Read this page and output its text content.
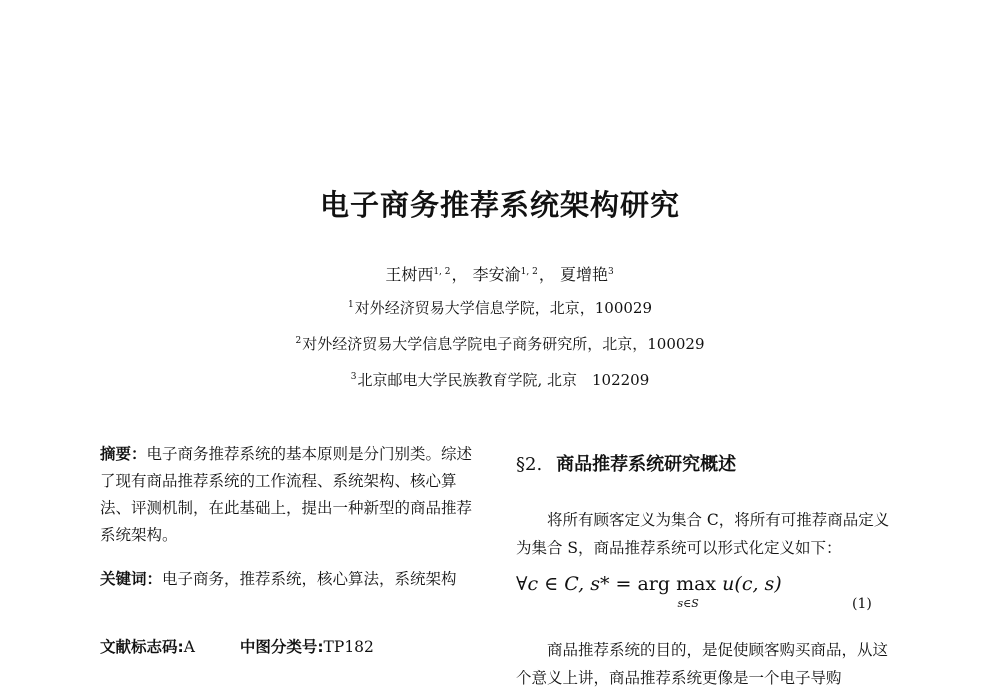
电子商务推荐系统架构研究
王树西$^{1, 2}$， 李安渝$^{1, 2}$， 夏增艳$^3$
$^1$对外经济贸易大学信息学院，北京，100029
$^2$对外经济贸易大学信息学院电子商务研究所，北京，100029
$^3$北京邮电大学民族教育学院, 北京　102209
摘要：电子商务推荐系统的基本原则是分门别类。综述了现有商品推荐系统的工作流程、系统架构、核心算法、评测机制，在此基础上，提出一种新型的商品推荐系统架构。
关键词：电子商务，推荐系统，核心算法，系统架构
文献标志码:A	中图分类号:TP182
§2. 商品推荐系统研究概述
将所有顾客定义为集合 C，将所有可推荐商品定义为集合 S，商品推荐系统可以形式化定义如下：
∀c ∈ C, s* = arg max
s∈S
u(c, s)
(1)
商品推荐系统的目的，是促使顾客购买商品，从这个意义上讲，商品推荐系统更像是一个电子导购
